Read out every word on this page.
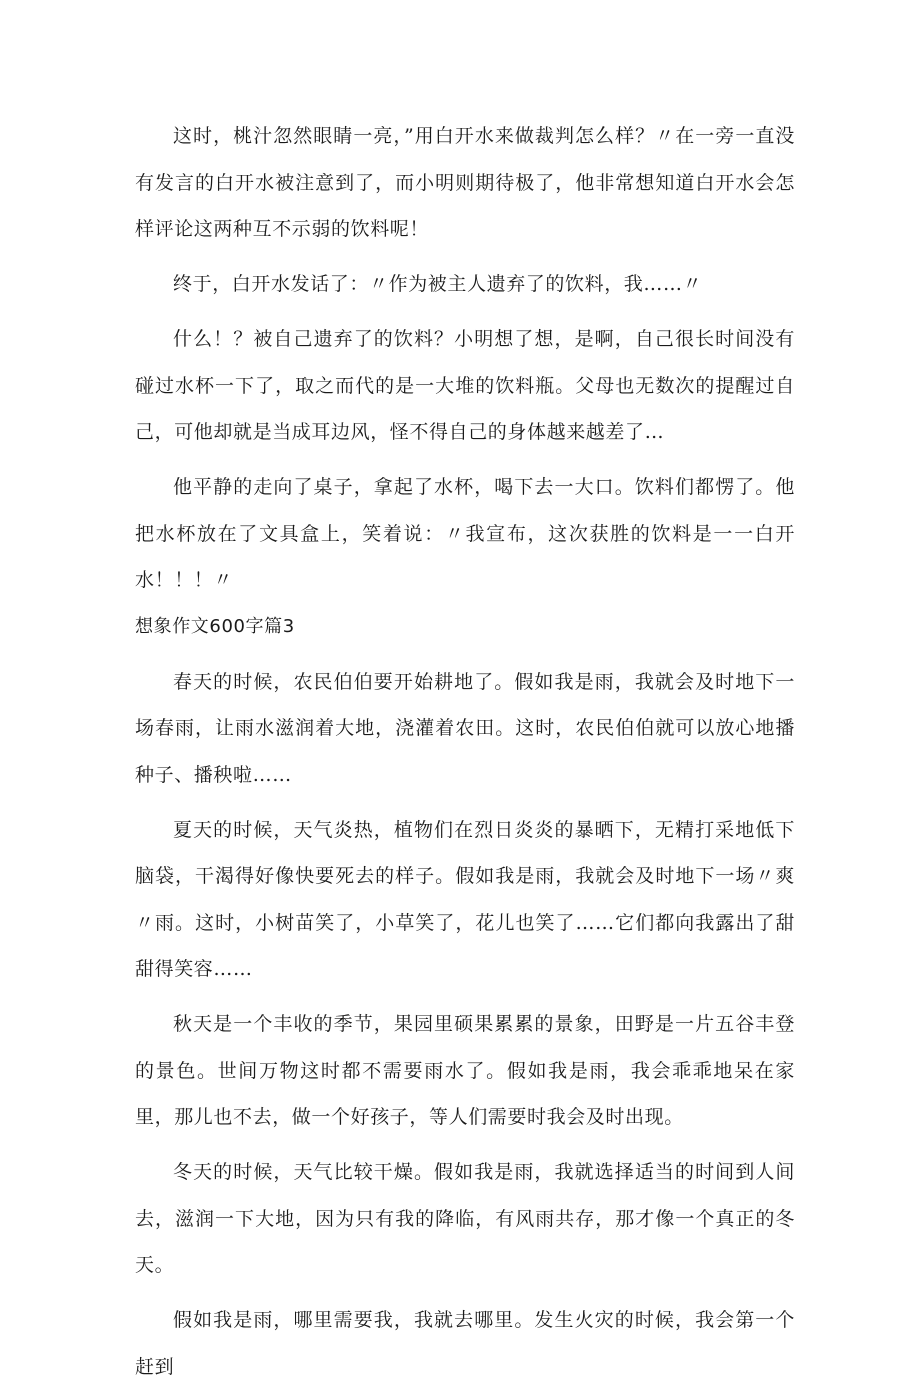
这时，桃汁忽然眼睛一亮，”用白开水来做裁判怎么样？〃在一旁一直没有发言的白开水被注意到了，而小明则期待极了，他非常想知道白开水会怎样评论这两种互不示弱的饮料呢！

终于，白开水发话了：〃作为被主人遗弃了的饮料，我……〃

什么！？被自己遗弃了的饮料？小明想了想，是啊，自己很长时间没有碰过水杯一下了，取之而代的是一大堆的饮料瓶。父母也无数次的提醒过自己，可他却就是当成耳边风，怪不得自己的身体越来越差了…

他平静的走向了桌子，拿起了水杯，喝下去一大口。饮料们都愣了。他把水杯放在了文具盒上，笑着说：〃我宣布，这次获胜的饮料是一一白开水！！！〃

想象作文600字篇3

春天的时候，农民伯伯要开始耕地了。假如我是雨，我就会及时地下一场春雨，让雨水滋润着大地，浇灌着农田。这时，农民伯伯就可以放心地播种子、播秧啦……

夏天的时候，天气炎热，植物们在烈日炎炎的暴晒下，无精打采地低下脑袋，干渴得好像快要死去的样子。假如我是雨，我就会及时地下一场〃爽〃雨。这时，小树苗笑了，小草笑了，花儿也笑了……它们都向我露出了甜甜得笑容……

秋天是一个丰收的季节，果园里硕果累累的景象，田野是一片五谷丰登的景色。世间万物这时都不需要雨水了。假如我是雨，我会乖乖地呆在家里，那儿也不去，做一个好孩子，等人们需要时我会及时出现。

冬天的时候，天气比较干燥。假如我是雨，我就选择适当的时间到人间去，滋润一下大地，因为只有我的降临，有风雨共存，那才像一个真正的冬天。

假如我是雨，哪里需要我，我就去哪里。发生火灾的时候，我会第一个赶到
